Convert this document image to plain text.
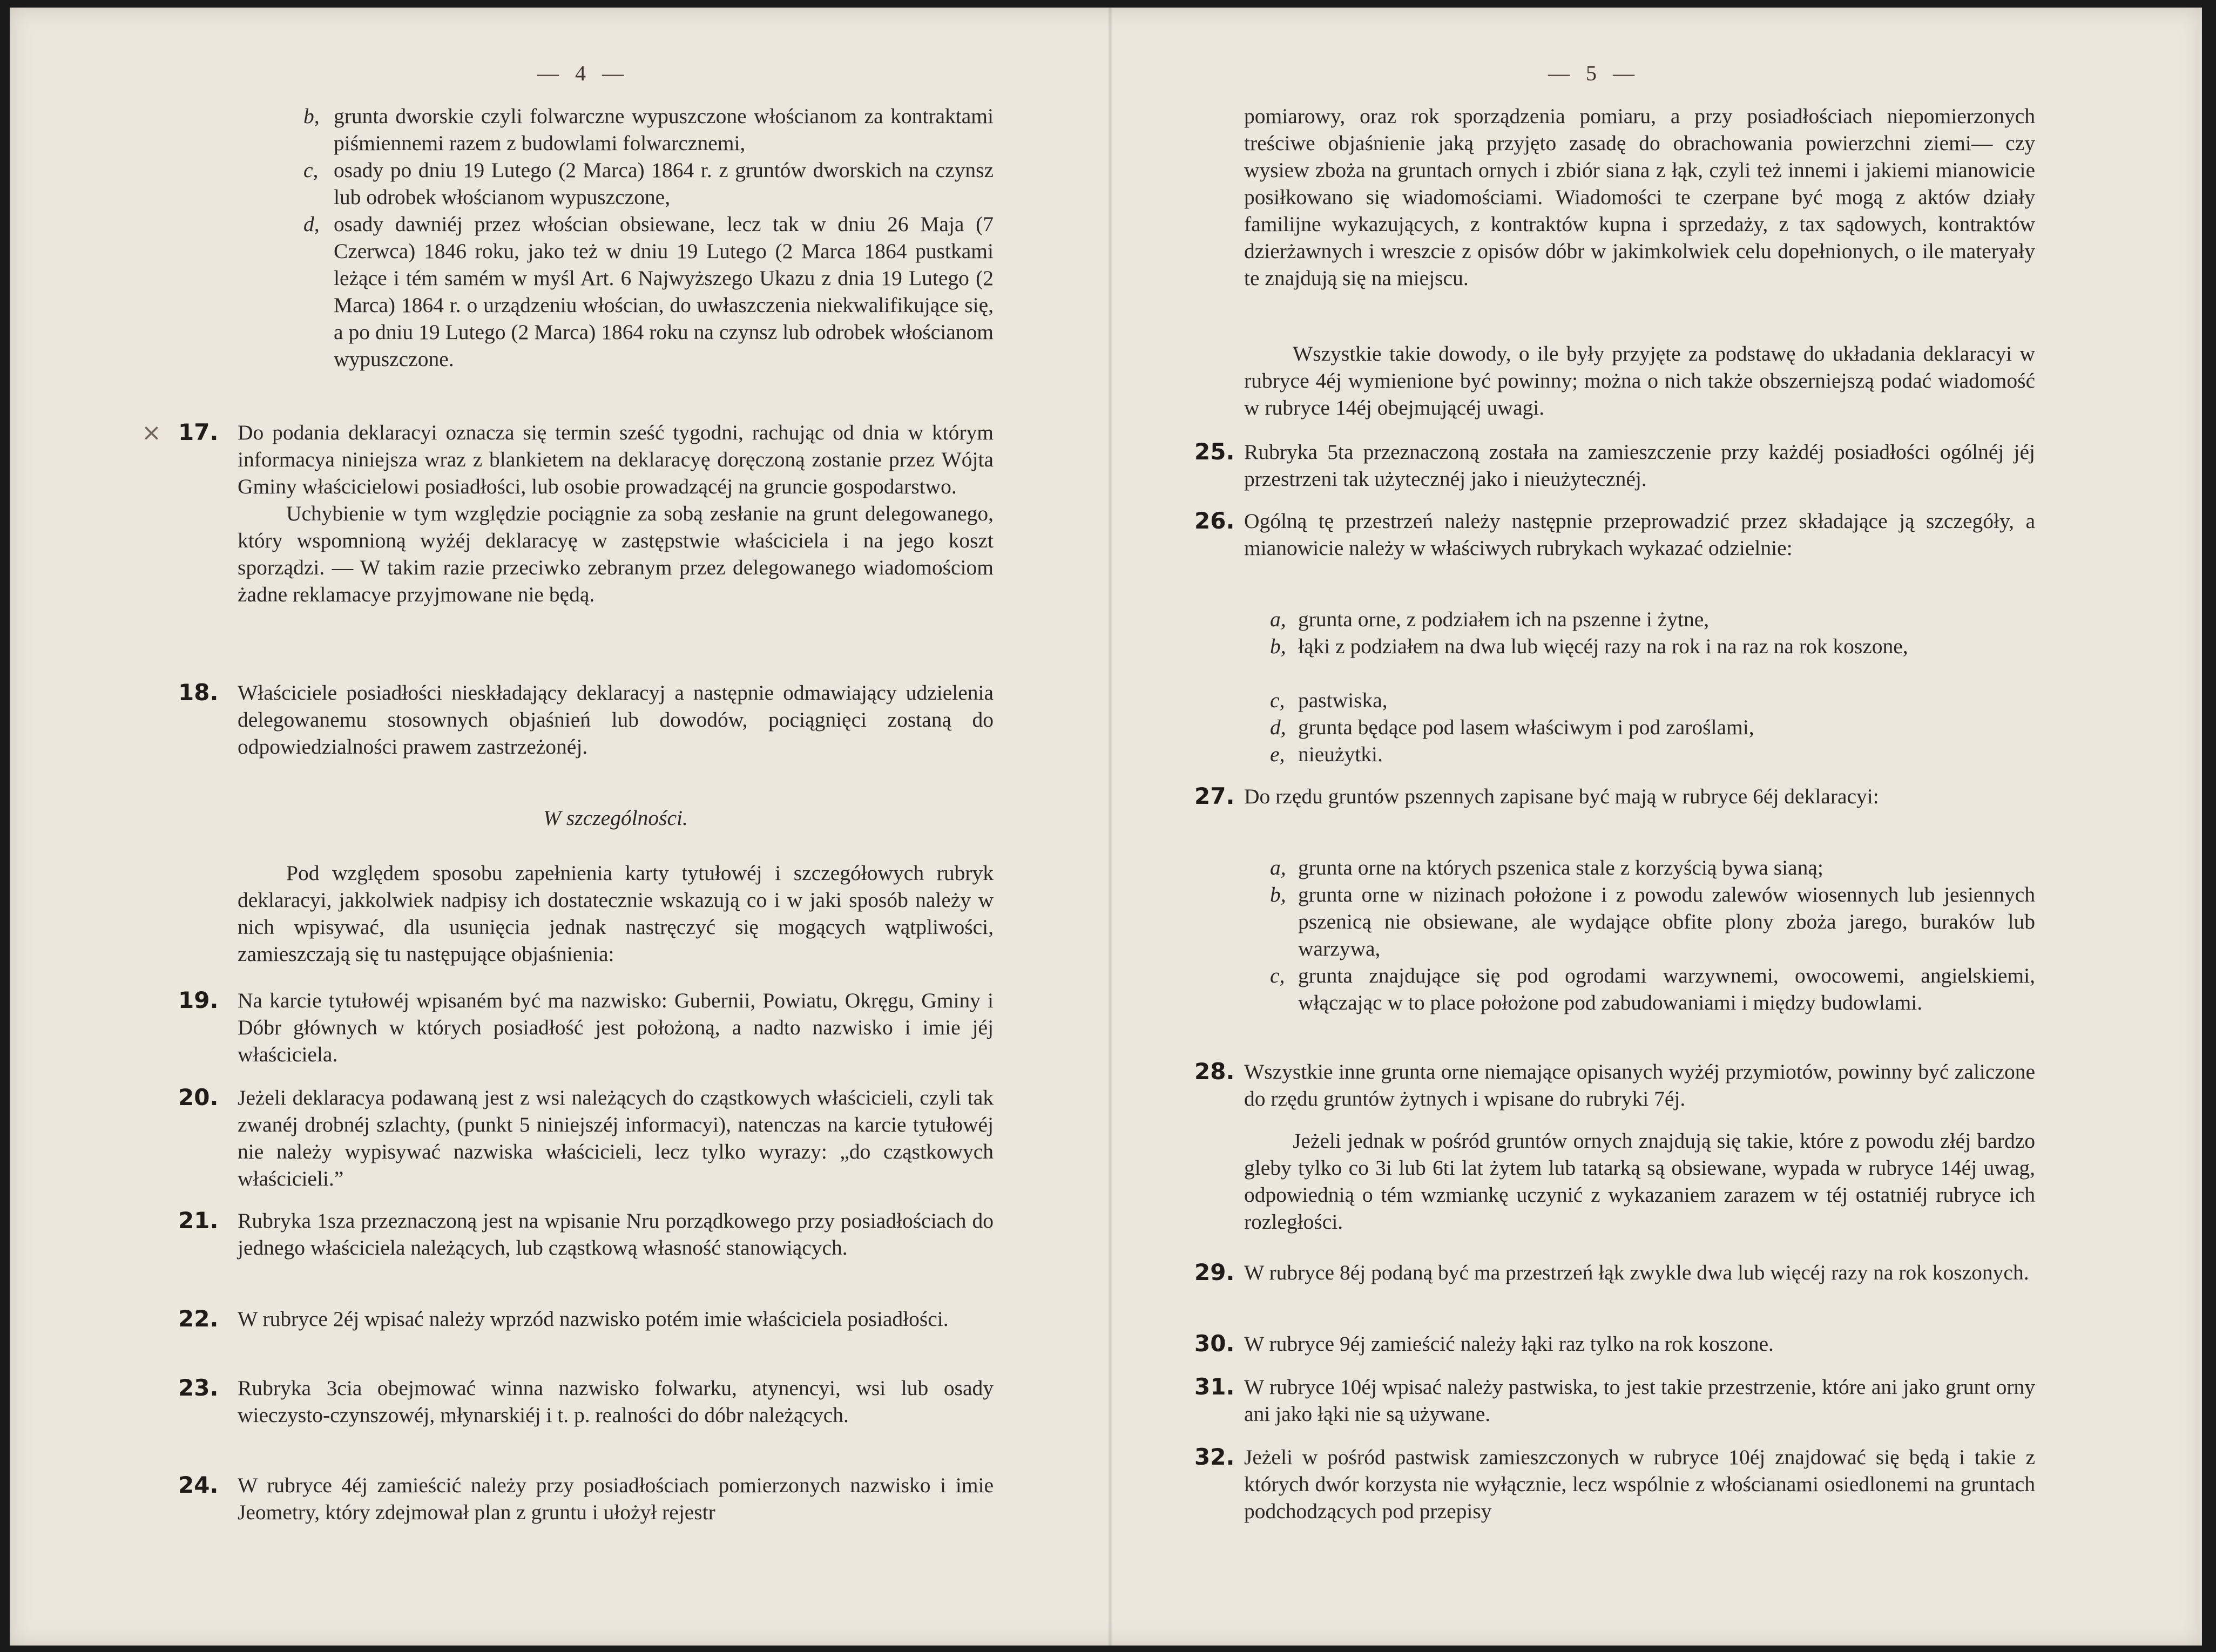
— 4 —
b, grunta dworskie czyli folwarczne wypuszczone włościanom za kontraktami piśmiennemi razem z budowlami folwarcznemi,
c, osady po dniu 19 Lutego (2 Marca) 1864 r. z gruntów dworskich na czynsz lub odrobek włościanom wypuszczone,
d, osady dawniéj przez włościan obsiewane, lecz tak w dniu 26 Maja (7 Czerwca) 1846 roku, jako też w dniu 19 Lutego (2 Marca 1864 pustkami leżące i tém samém w myśl Art. 6 Najwyższego Ukazu z dnia 19 Lutego (2 Marca) 1864 r. o urządzeniu włościan, do uwłaszczenia niekwalifikujące się, a po dniu 19 Lutego (2 Marca) 1864 roku na czynsz lub odrobek włościanom wypuszczone.
× 17. Do podania deklaracyi oznacza się termin sześć tygodni, rachując od dnia w którym informacya niniejsza wraz z blankietem na deklaracyę doręczoną zostanie przez Wójta Gminy właścicielowi posiadłości, lub osobie prowadzącéj na gruncie gospodarstwo.

Uchybienie w tym względzie pociągnie za sobą zesłanie na grunt delegowanego, który wspomnioną wyżéj deklaracyę w zastępstwie właściciela i na jego koszt sporządzi. — W takim razie przeciwko zebranym przez delegowanego wiadomościom żadne reklamacye przyjmowane nie będą.

18. Właściciele posiadłości nieskładający deklaracyj a następnie odmawiający udzielenia delegowanemu stosownych objaśnień lub dowodów, pociągnięci zostaną do odpowiedzialności prawem zastrzeżonéj.
W szczególności.
Pod względem sposobu zapełnienia karty tytułowéj i szczegółowych rubryk deklaracyi, jakkolwiek nadpisy ich dostatecznie wskazują co i w jaki sposób należy w nich wpisywać, dla usunięcia jednak nastręczyć się mogących wątpliwości, zamieszczają się tu następujące objaśnienia:
19. Na karcie tytułowéj wpisaném być ma nazwisko: Gubernii, Powiatu, Okręgu, Gminy i Dóbr głównych w których posiadłość jest położoną, a nadto nazwisko i imie jéj właściciela.
20. Jeżeli deklaracya podawaną jest z wsi należących do cząstkowych właścicieli, czyli tak zwanéj drobnéj szlachty, (punkt 5 niniejszéj informacyi), natenczas na karcie tytułowéj nie należy wypisywać nazwiska właścicieli, lecz tylko wyrazy: „do cząstkowych właścicieli.”
21. Rubryka 1sza przeznaczoną jest na wpisanie Nru porządkowego przy posiadłościach do jednego właściciela należących, lub cząstkową własność stanowiących.
22. W rubryce 2éj wpisać należy wprzód nazwisko potém imie właściciela posiadłości.
23. Rubryka 3cia obejmować winna nazwisko folwarku, atynencyi, wsi lub osady wieczysto-czynszowéj, młynarskiéj i t. p. realności do dóbr należących.
24. W rubryce 4éj zamieścić należy przy posiadłościach pomierzonych nazwisko i imie Jeometry, który zdejmował plan z gruntu i ułożył rejestr
— 5 —
pomiarowy, oraz rok sporządzenia pomiaru, a przy posiadłościach niepomierzonych treściwe objaśnienie jaką przyjęto zasadę do obrachowania powierzchni ziemi— czy wysiew zboża na gruntach ornych i zbiór siana z łąk, czyli też innemi i jakiemi mianowicie posiłkowano się wiadomościami. Wiadomości te czerpane być mogą z aktów działy familijne wykazujących, z kontraktów kupna i sprzedaży, z tax sądowych, kontraktów dzierżawnych i wreszcie z opisów dóbr w jakimkolwiek celu dopełnionych, o ile materyały te znajdują się na miejscu.
Wszystkie takie dowody, o ile były przyjęte za podstawę do układania deklaracyi w rubryce 4éj wymienione być powinny; można o nich także obszerniejszą podać wiadomość w rubryce 14éj obejmującéj uwagi.
25. Rubryka 5ta przeznaczoną została na zamieszczenie przy każdéj posiadłości ogólnéj jéj przestrzeni tak użytecznéj jako i nieużytecznéj.
26. Ogólną tę przestrzeń należy następnie przeprowadzić przez składające ją szczegóły, a mianowicie należy w właściwych rubrykach wykazać odzielnie:
a, grunta orne, z podziałem ich na pszenne i żytne,
b, łąki z podziałem na dwa lub więcéj razy na rok i na raz na rok koszone,
c, pastwiska,
d, grunta będące pod lasem właściwym i pod zaroślami,
e, nieużytki.
27. Do rzędu gruntów pszennych zapisane być mają w rubryce 6éj deklaracyi:
a, grunta orne na których pszenica stale z korzyścią bywa sianą;
b, grunta orne w nizinach położone i z powodu zalewów wiosennych lub jesiennych pszenicą nie obsiewane, ale wydające obfite plony zboża jarego, buraków lub warzywa,
c, grunta znajdujące się pod ogrodami warzywnemi, owocowemi, angielskiemi, włączając w to place położone pod zabudowaniami i między budowlami.
28. Wszystkie inne grunta orne niemające opisanych wyżéj przymiotów, powinny być zaliczone do rzędu gruntów żytnych i wpisane do rubryki 7éj.

Jeżeli jednak w pośród gruntów ornych znajdują się takie, które z powodu złéj bardzo gleby tylko co 3i lub 6ti lat żytem lub tatarką są obsiewane, wypada w rubryce 14éj uwag, odpowiednią o tém wzmiankę uczynić z wykazaniem zarazem w téj ostatniéj rubryce ich rozległości.

29. W rubryce 8éj podaną być ma przestrzeń łąk zwykle dwa lub więcéj razy na rok koszonych.
30. W rubryce 9éj zamieścić należy łąki raz tylko na rok koszone.
31. W rubryce 10éj wpisać należy pastwiska, to jest takie przestrzenie, które ani jako grunt orny ani jako łąki nie są używane.
32. Jeżeli w pośród pastwisk zamieszczonych w rubryce 10éj znajdować się będą i takie z których dwór korzysta nie wyłącznie, lecz wspólnie z włościanami osiedlonemi na gruntach podchodzących pod przepisy
